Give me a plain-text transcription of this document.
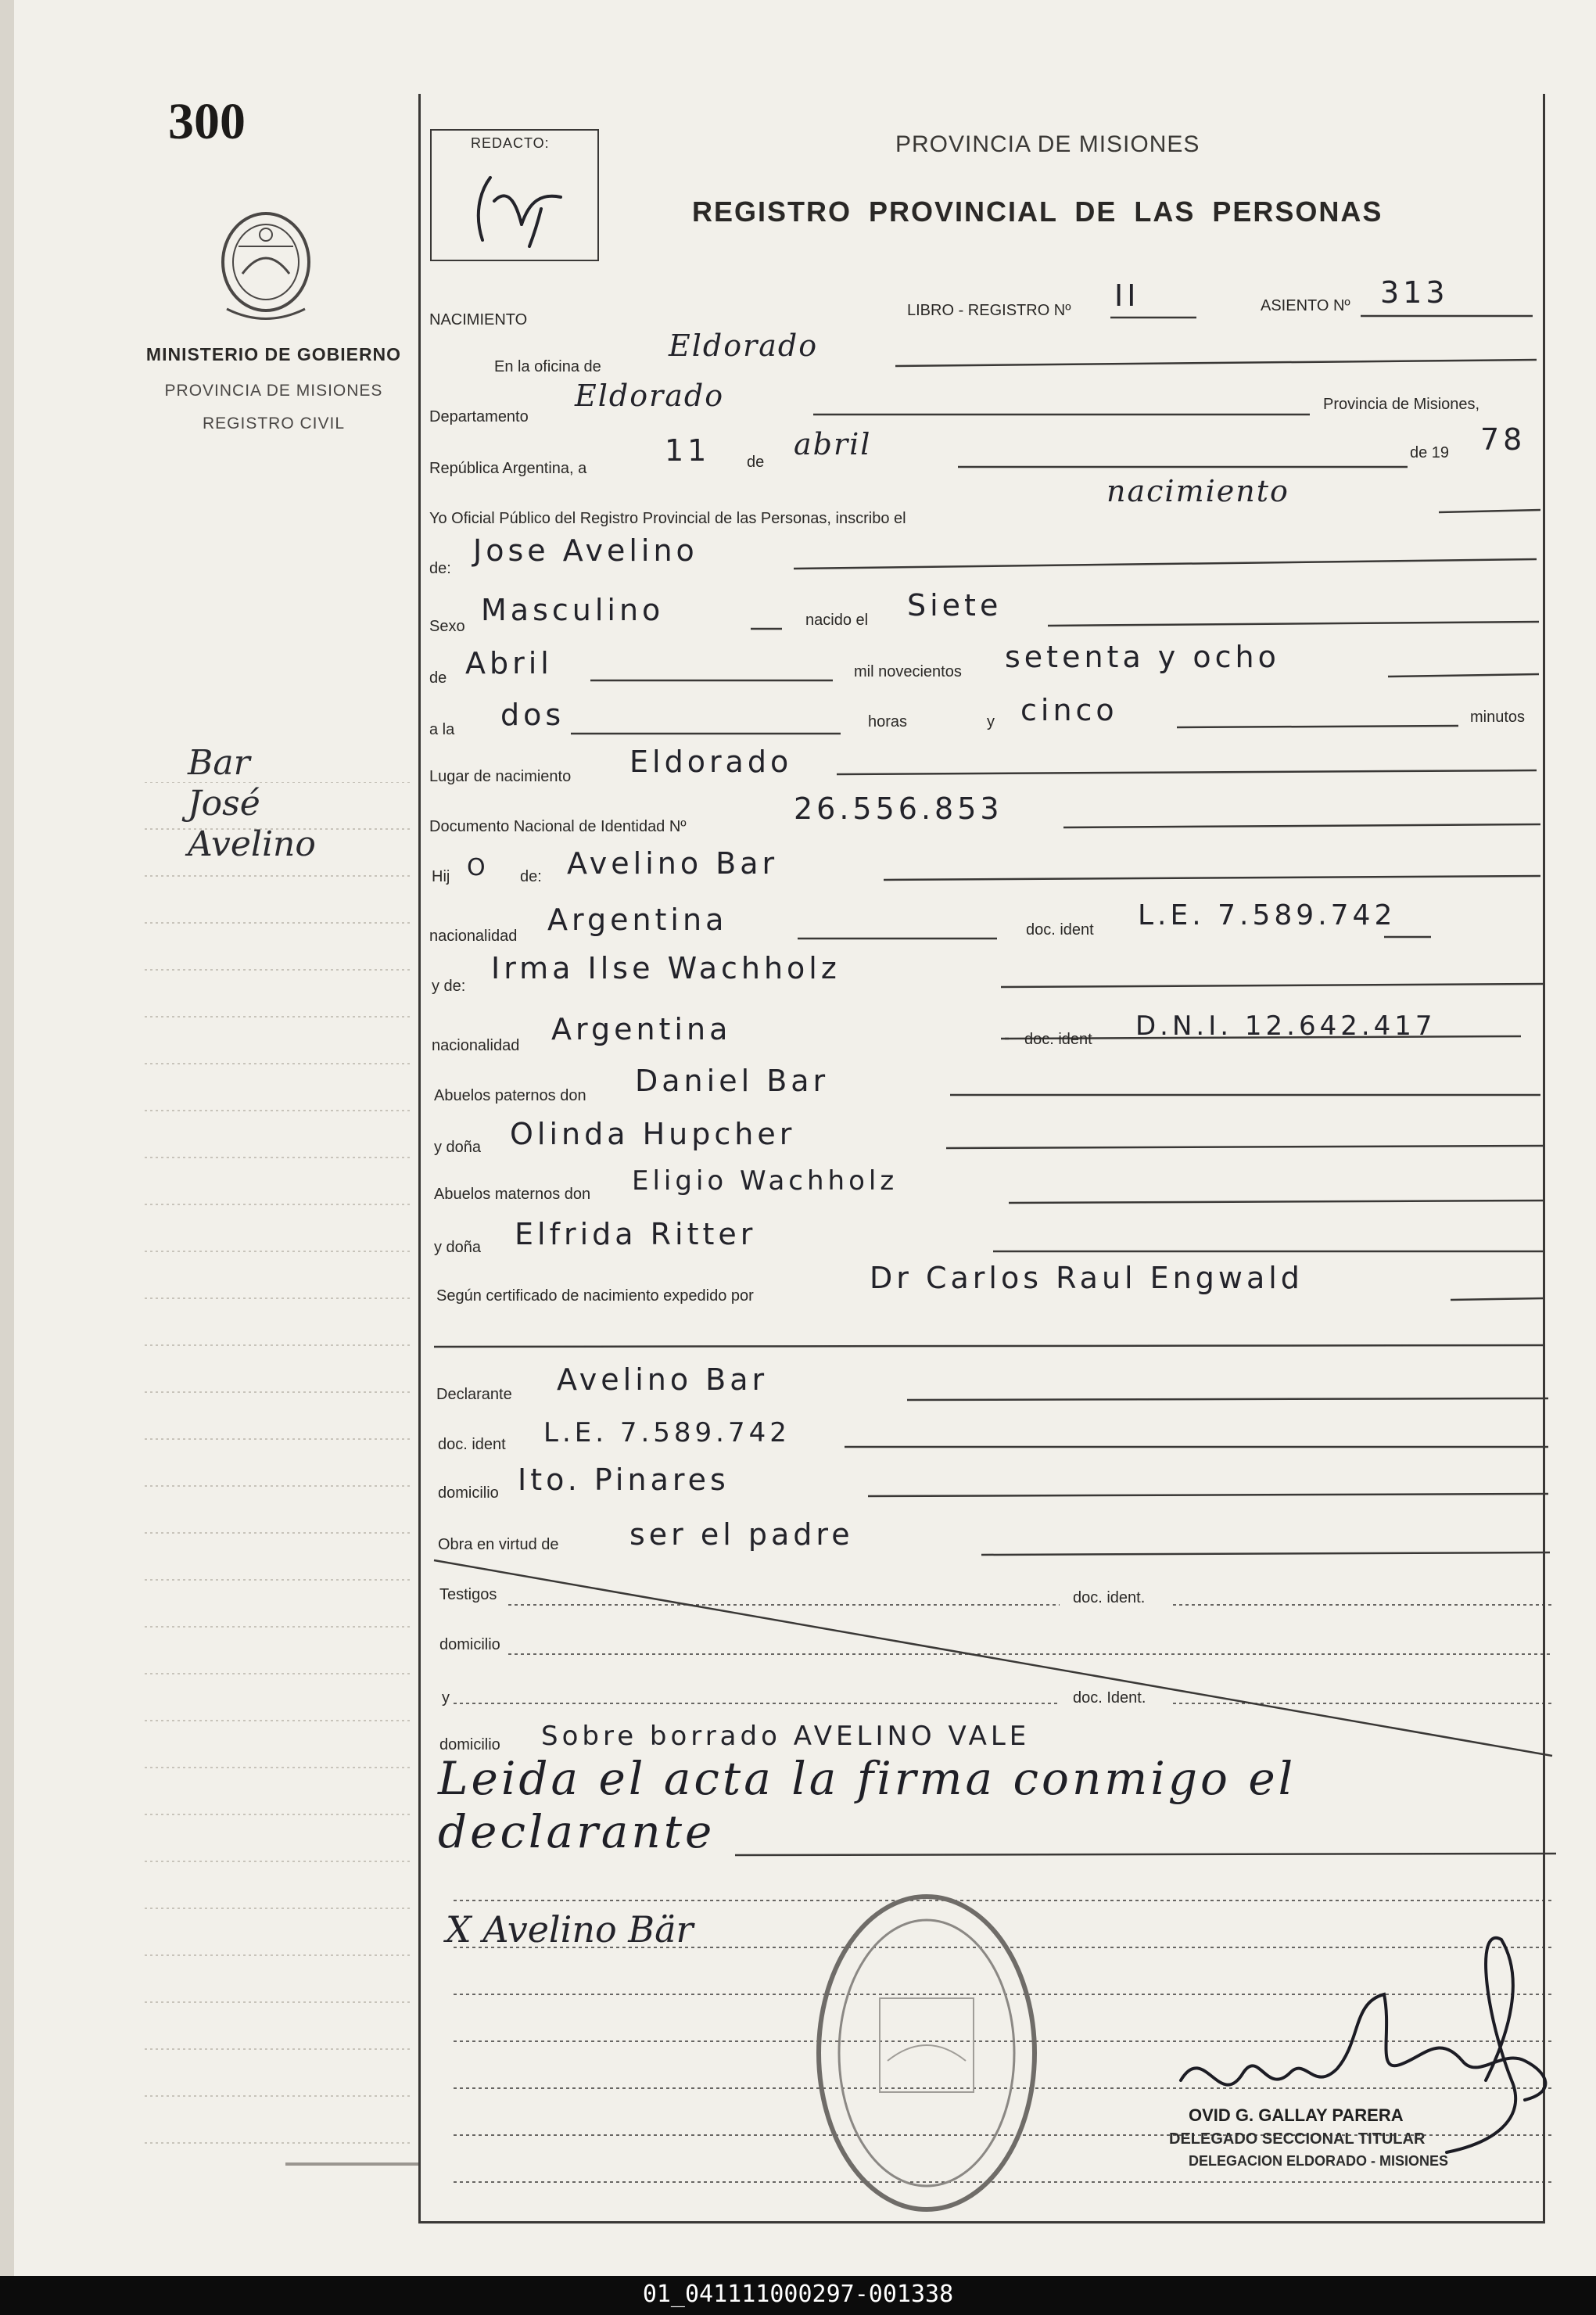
300
MINISTERIO DE GOBIERNO
PROVINCIA DE MISIONES
REGISTRO CIVIL
Bar
José
Avelino
REDACTO:	PROVINCIA DE MISIONES
REGISTRO PROVINCIAL DE LAS PERSONAS
NACIMIENTO
LIBRO - REGISTRO Nº II	ASIENTO Nº 313
En la oficina de
Eldorado
Departamento
Eldorado	Provincia de Misiones,
República Argentina, a
11 de
abril	de 19 78
Yo Oficial Público del Registro Provincial de las Personas, inscribo el
nacimiento
de:
Jose Avelino
Sexo Masculino	nacido el Siete
de Abril	mil novecientos setenta y ocho
a la dos	horas	y cinco	minutos
Lugar de nacimiento Eldorado
Documento Nacional de Identidad Nº
26.556.853
Hij O de: Avelino Bar
nacionalidad Argentina	doc. ident L.E. 7.589.742
y de:
Irma Ilse Wachholz
nacionalidad Argentina	doc. ident D.N.I. 12.642.417
Abuelos paternos don Daniel Bar
y doña Olinda Hupcher
Abuelos maternos don Eligio Wachholz
y doña Elfrida Ritter
Según certificado de nacimiento expedido por
Dr Carlos Raul Engwald
Declarante Avelino Bar
doc. ident L.E. 7.589.742
domicilio Ito. Pinares
Obra en virtud de ser el padre
Testigos	doc. ident.
domicilio
y	doc. Ident.
domicilio Sobre borrado AVELINO VALE
Leida el acta la firma conmigo el
declarante
X Avelino Bär
OVID G. GALLAY PARERA
DELEGADO SECCIONAL TITULAR
DELEGACION ELDORADO - MISIONES
01_041111000297-001338
